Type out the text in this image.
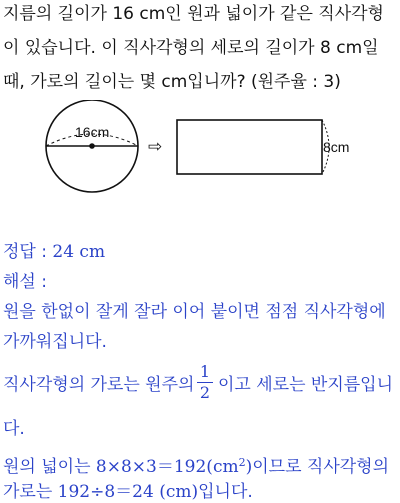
지름의 길이가 16 cm인 원과 넓이가 같은 직사각형
이 있습니다. 이 직사각형의 세로의 길이가 8 cm일
때, 가로의 길이는 몇 cm입니까? (원주율 : 3)
16cm
⇨	8cm
정답 : 24 cm
해설 :
원을 한없이 잘게 잘라 이어 붙이면 점점 직사각형에
가까워집니다.
직사각형의 가로는 원주의
1
2 이고 세로는 반지름입니
다.
원의 넓이는 $8\times 8\times 3=192(cm^2)$이므로 직사각형의
가로는 192÷8＝24 (cm)입니다.
